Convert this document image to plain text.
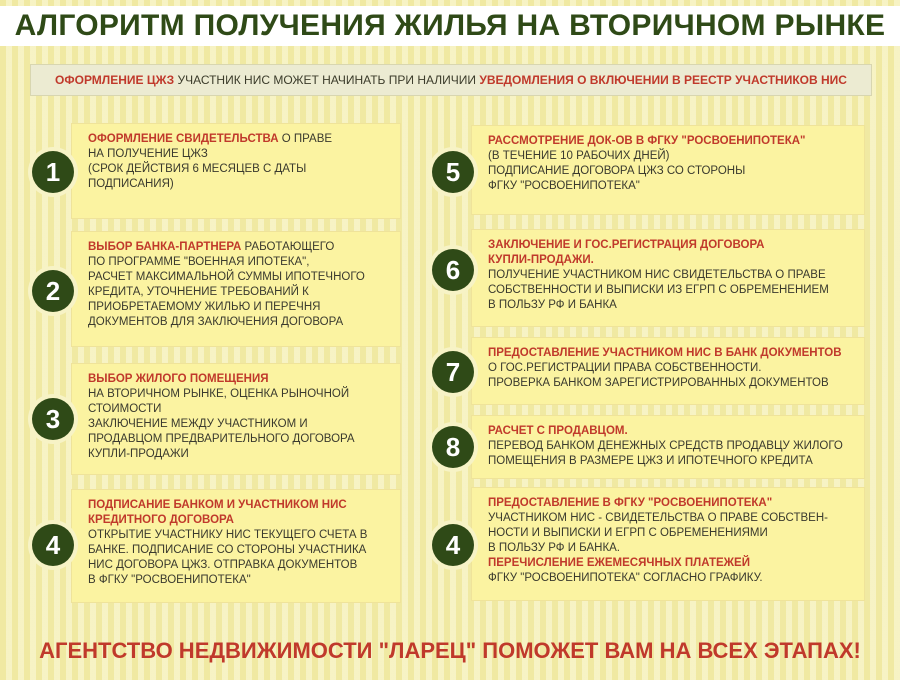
АЛГОРИТМ ПОЛУЧЕНИЯ ЖИЛЬЯ НА ВТОРИЧНОМ РЫНКЕ
ОФОРМЛЕНИЕ ЦЖЗ УЧАСТНИК НИС МОЖЕТ НАЧИНАТЬ ПРИ НАЛИЧИИ УВЕДОМЛЕНИЯ О ВКЛЮЧЕНИИ В РЕЕСТР УЧАСТНИКОВ НИС
ОФОРМЛЕНИЕ СВИДЕТЕЛЬСТВА О ПРАВЕ
НА ПОЛУЧЕНИЕ ЦЖЗ
(СРОК ДЕЙСТВИЯ 6 МЕСЯЦЕВ С ДАТЫ
ПОДПИСАНИЯ)
1
ВЫБОР БАНКА-ПАРТНЕРА РАБОТАЮЩЕГО
ПО ПРОГРАММЕ "ВОЕННАЯ ИПОТЕКА",
РАСЧЕТ МАКСИМАЛЬНОЙ СУММЫ ИПОТЕЧНОГО
КРЕДИТА, УТОЧНЕНИЕ ТРЕБОВАНИЙ К
ПРИОБРЕТАЕМОМУ ЖИЛЬЮ И ПЕРЕЧНЯ
ДОКУМЕНТОВ ДЛЯ ЗАКЛЮЧЕНИЯ ДОГОВОРА
2
ВЫБОР ЖИЛОГО ПОМЕЩЕНИЯ
НА ВТОРИЧНОМ РЫНКЕ, ОЦЕНКА РЫНОЧНОЙ
СТОИМОСТИ
ЗАКЛЮЧЕНИЕ МЕЖДУ УЧАСТНИКОМ И
ПРОДАВЦОМ ПРЕДВАРИТЕЛЬНОГО ДОГОВОРА
КУПЛИ-ПРОДАЖИ
3
ПОДПИСАНИЕ БАНКОМ И УЧАСТНИКОМ НИС
КРЕДИТНОГО ДОГОВОРА
ОТКРЫТИЕ УЧАСТНИКУ НИС ТЕКУЩЕГО СЧЕТА В
БАНКЕ. ПОДПИСАНИЕ СО СТОРОНЫ УЧАСТНИКА
НИС ДОГОВОРА ЦЖЗ. ОТПРАВКА ДОКУМЕНТОВ
В ФГКУ "РОСВОЕНИПОТЕКА"
4
РАССМОТРЕНИЕ ДОК-ОВ В ФГКУ "РОСВОЕНИПОТЕКА"
(В ТЕЧЕНИЕ 10 РАБОЧИХ ДНЕЙ)
ПОДПИСАНИЕ ДОГОВОРА ЦЖЗ СО СТОРОНЫ
ФГКУ "РОСВОЕНИПОТЕКА"
5
ЗАКЛЮЧЕНИЕ И ГОС.РЕГИСТРАЦИЯ ДОГОВОРА
КУПЛИ-ПРОДАЖИ.
ПОЛУЧЕНИЕ УЧАСТНИКОМ НИС СВИДЕТЕЛЬСТВА О ПРАВЕ
СОБСТВЕННОСТИ И ВЫПИСКИ ИЗ ЕГРП С ОБРЕМЕНЕНИЕМ
В ПОЛЬЗУ РФ И БАНКА
6
ПРЕДОСТАВЛЕНИЕ УЧАСТНИКОМ НИС В БАНК ДОКУМЕНТОВ
О ГОС.РЕГИСТРАЦИИ ПРАВА СОБСТВЕННОСТИ.
ПРОВЕРКА БАНКОМ ЗАРЕГИСТРИРОВАННЫХ ДОКУМЕНТОВ
7
РАСЧЕТ С ПРОДАВЦОМ.
ПЕРЕВОД БАНКОМ ДЕНЕЖНЫХ СРЕДСТВ ПРОДАВЦУ ЖИЛОГО
ПОМЕЩЕНИЯ В РАЗМЕРЕ ЦЖЗ И ИПОТЕЧНОГО КРЕДИТА
8
ПРЕДОСТАВЛЕНИЕ В ФГКУ "РОСВОЕНИПОТЕКА"
УЧАСТНИКОМ НИС - СВИДЕТЕЛЬСТВА О ПРАВЕ СОБСТВЕН-
НОСТИ И ВЫПИСКИ И ЕГРП С ОБРЕМЕНЕНИЯМИ
В ПОЛЬЗУ РФ И БАНКА.
ПЕРЕЧИСЛЕНИЕ ЕЖЕМЕСЯЧНЫХ ПЛАТЕЖЕЙ
ФГКУ "РОСВОЕНИПОТЕКА" СОГЛАСНО ГРАФИКУ.
4
АГЕНТСТВО НЕДВИЖИМОСТИ "ЛАРЕЦ" ПОМОЖЕТ ВАМ НА ВСЕХ ЭТАПАХ!
